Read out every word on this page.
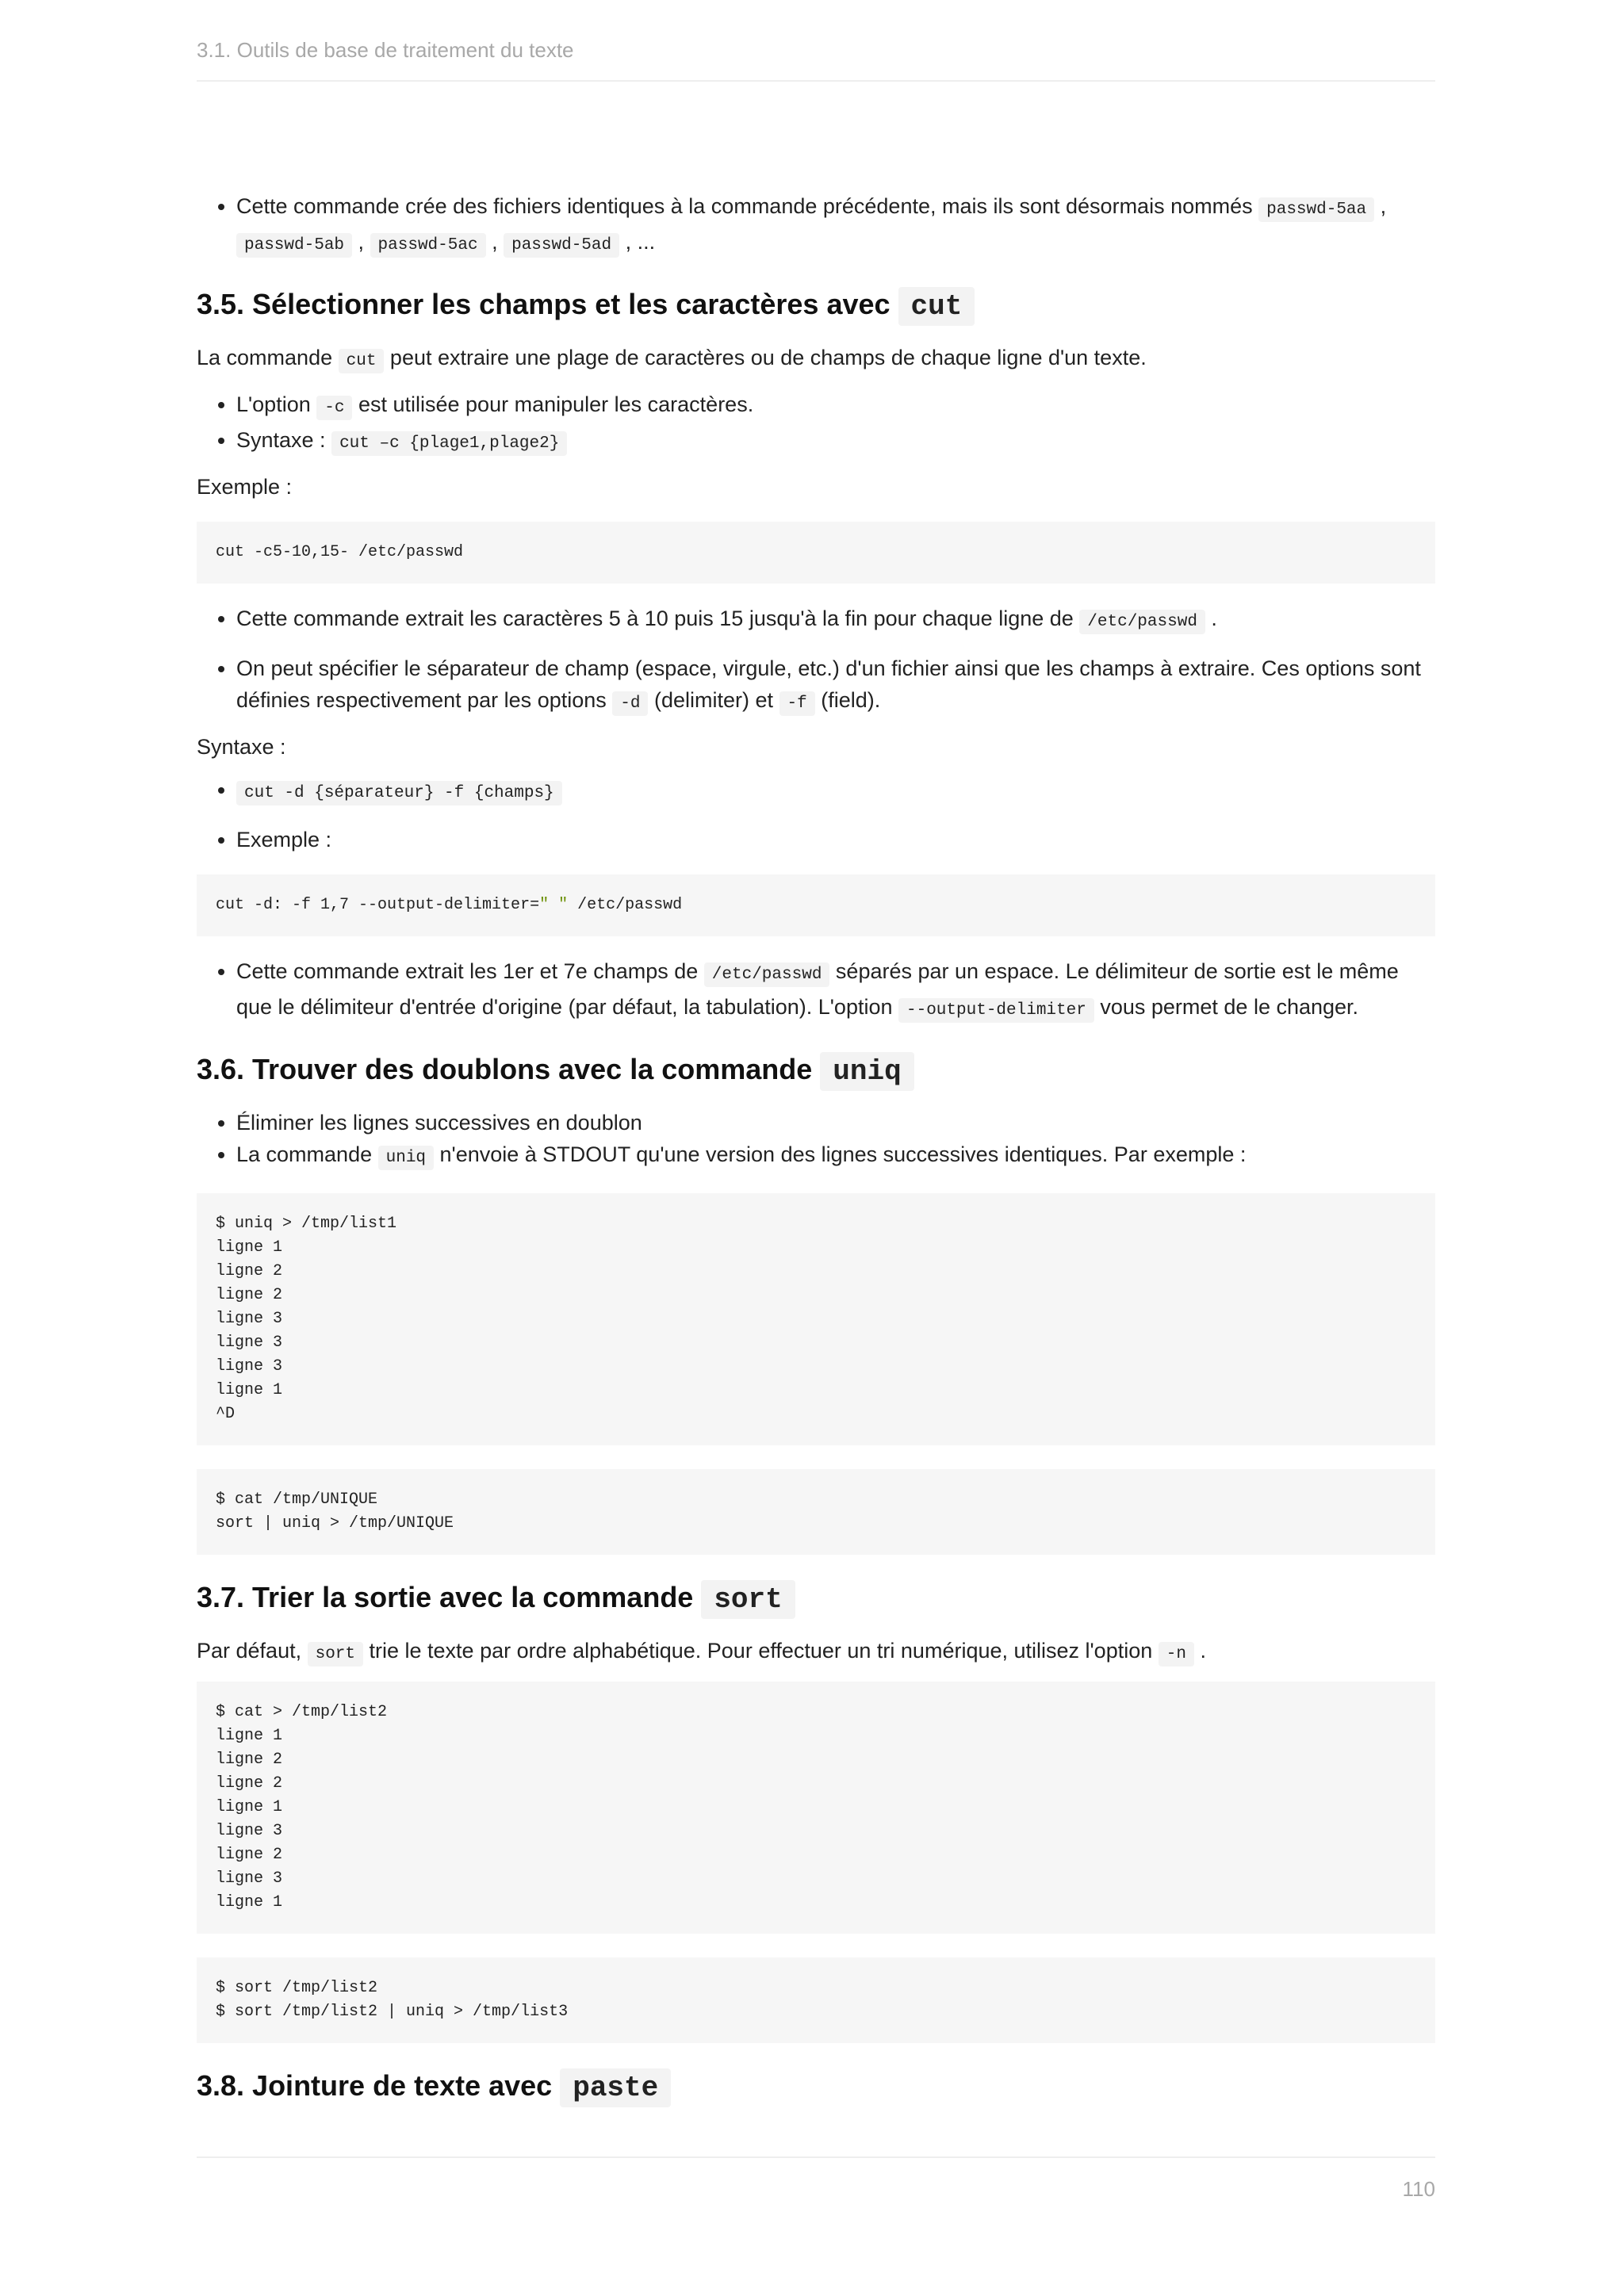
3.1. Outils de base de traitement du texte
• Cette commande crée des fichiers identiques à la commande précédente, mais ils sont désormais nommés passwd-5aa , passwd-5ab , passwd-5ac , passwd-5ad , ...
3.5. Sélectionner les champs et les caractères avec cut

La commande cut peut extraire une plage de caractères ou de champs de chaque ligne d'un texte.

• L'option -c est utilisée pour manipuler les caractères.
• Syntaxe : cut –c {plage1,plage2}

Exemple :

cut -c5-10,15- /etc/passwd
• Cette commande extrait les caractères 5 à 10 puis 15 jusqu'à la fin pour chaque ligne de /etc/passwd .
• On peut spécifier le séparateur de champ (espace, virgule, etc.) d'un fichier ainsi que les champs à extraire. Ces options sont définies respectivement par les options -d (delimiter) et -f (field).

Syntaxe :

• cut -d {séparateur} -f {champs}
• Exemple :
cut -d: -f 1,7 --output-delimiter=" " /etc/passwd
• Cette commande extrait les 1er et 7e champs de /etc/passwd séparés par un espace. Le délimiteur de sortie est le même que le délimiteur d'entrée d'origine (par défaut, la tabulation). L'option --output-delimiter vous permet de le changer.
3.6. Trouver des doublons avec la commande uniq
• Éliminer les lignes successives en doublon
• La commande uniq n'envoie à STDOUT qu'une version des lignes successives identiques. Par exemple :
$ uniq > /tmp/list1
ligne 1
ligne 2
ligne 2
ligne 3
ligne 3
ligne 3
ligne 1
^D
$ cat /tmp/UNIQUE
sort | uniq > /tmp/UNIQUE
3.7. Trier la sortie avec la commande sort

Par défaut, sort trie le texte par ordre alphabétique. Pour effectuer un tri numérique, utilisez l'option -n .

$ cat > /tmp/list2
ligne 1
ligne 2
ligne 2
ligne 1
ligne 3
ligne 2
ligne 3
ligne 1
$ sort /tmp/list2
$ sort /tmp/list2 | uniq > /tmp/list3
3.8. Jointure de texte avec paste
110
